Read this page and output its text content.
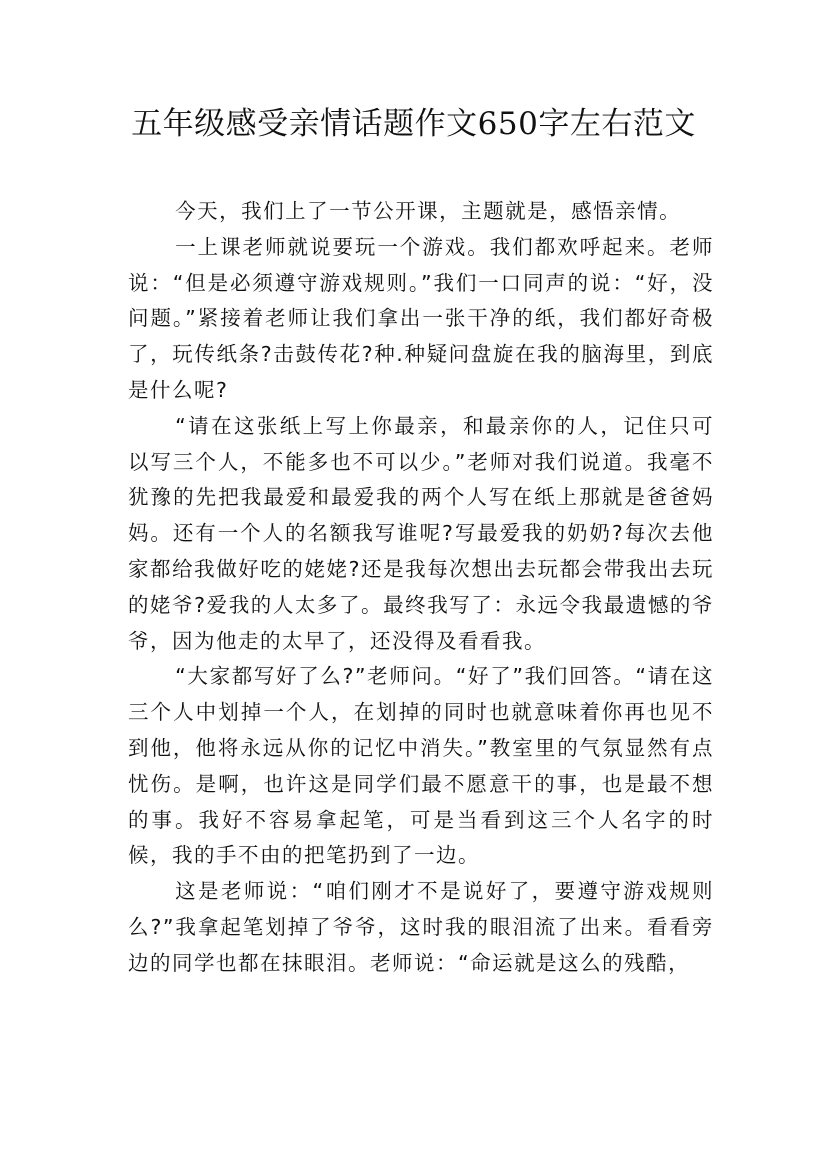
五年级感受亲情话题作文650字左右范文

今天，我们上了一节公开课，主题就是，感悟亲情。

一上课老师就说要玩一个游戏。我们都欢呼起来。老师说：“但是必须遵守游戏规则。”我们一口同声的说：“好，没问题。”紧接着老师让我们拿出一张干净的纸，我们都好奇极了，玩传纸条?击鼓传花?种.种疑问盘旋在我的脑海里，到底是什么呢?

“请在这张纸上写上你最亲，和最亲你的人，记住只可以写三个人，不能多也不可以少。”老师对我们说道。我毫不犹豫的先把我最爱和最爱我的两个人写在纸上那就是爸爸妈妈。还有一个人的名额我写谁呢?写最爱我的奶奶?每次去他家都给我做好吃的姥姥?还是我每次想出去玩都会带我出去玩的姥爷?爱我的人太多了。最终我写了：永远令我最遗憾的爷爷，因为他走的太早了，还没得及看看我。

“大家都写好了么?”老师问。“好了”我们回答。“请在这三个人中划掉一个人，在划掉的同时也就意味着你再也见不到他，他将永远从你的记忆中消失。”教室里的气氛显然有点忧伤。是啊，也许这是同学们最不愿意干的事，也是最不想的事。我好不容易拿起笔，可是当看到这三个人名字的时候，我的手不由的把笔扔到了一边。

这是老师说：“咱们刚才不是说好了，要遵守游戏规则么?”我拿起笔划掉了爷爷，这时我的眼泪流了出来。看看旁边的同学也都在抹眼泪。老师说：“命运就是这么的残酷，
